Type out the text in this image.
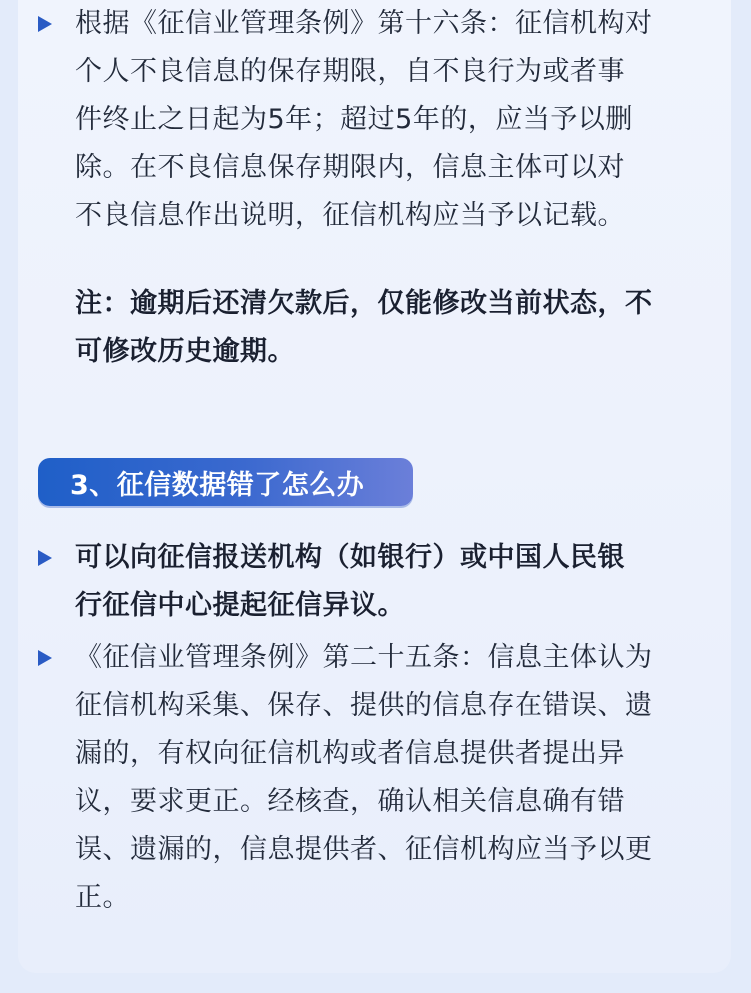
根据《征信业管理条例》第十六条：征信机构对
个人不良信息的保存期限，自不良行为或者事
件终止之日起为5年；超过5年的，应当予以删
除。在不良信息保存期限内，信息主体可以对
不良信息作出说明，征信机构应当予以记载。
注：逾期后还清欠款后，仅能修改当前状态，不
可修改历史逾期。
3、征信数据错了怎么办
可以向征信报送机构（如银行）或中国人民银
行征信中心提起征信异议。
《征信业管理条例》第二十五条：信息主体认为
征信机构采集、保存、提供的信息存在错误、遗
漏的，有权向征信机构或者信息提供者提出异
议，要求更正。经核查，确认相关信息确有错
误、遗漏的，信息提供者、征信机构应当予以更
正。
